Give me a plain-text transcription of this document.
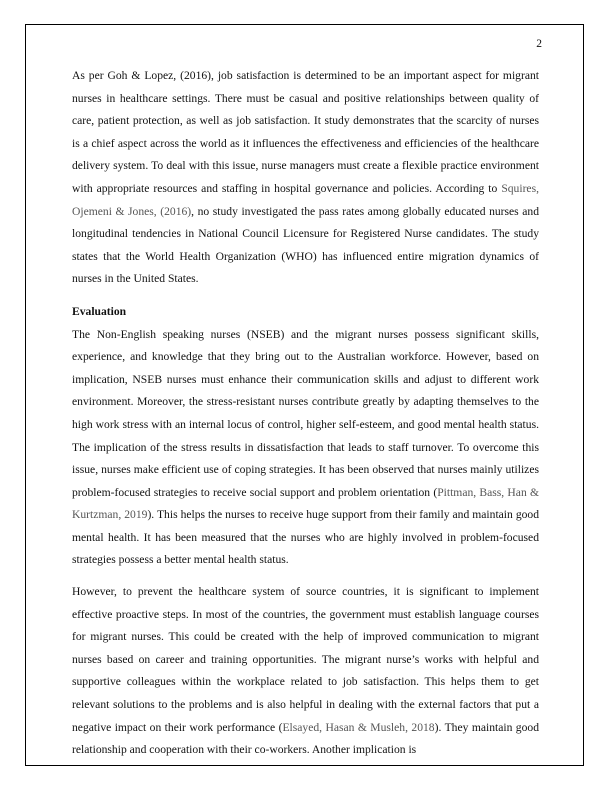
2

As per Goh & Lopez, (2016), job satisfaction is determined to be an important aspect for migrant nurses in healthcare settings. There must be casual and positive relationships between quality of care, patient protection, as well as job satisfaction. It study demonstrates that the scarcity of nurses is a chief aspect across the world as it influences the effectiveness and efficiencies of the healthcare delivery system. To deal with this issue, nurse managers must create a flexible practice environment with appropriate resources and staffing in hospital governance and policies. According to Squires, Ojemeni & Jones, (2016), no study investigated the pass rates among globally educated nurses and longitudinal tendencies in National Council Licensure for Registered Nurse candidates. The study states that the World Health Organization (WHO) has influenced entire migration dynamics of nurses in the United States.

Evaluation

The Non-English speaking nurses (NSEB) and the migrant nurses possess significant skills, experience, and knowledge that they bring out to the Australian workforce. However, based on implication, NSEB nurses must enhance their communication skills and adjust to different work environment. Moreover, the stress-resistant nurses contribute greatly by adapting themselves to the high work stress with an internal locus of control, higher self-esteem, and good mental health status. The implication of the stress results in dissatisfaction that leads to staff turnover. To overcome this issue, nurses make efficient use of coping strategies. It has been observed that nurses mainly utilizes problem-focused strategies to receive social support and problem orientation (Pittman, Bass, Han & Kurtzman, 2019). This helps the nurses to receive huge support from their family and maintain good mental health. It has been measured that the nurses who are highly involved in problem-focused strategies possess a better mental health status.

However, to prevent the healthcare system of source countries, it is significant to implement effective proactive steps. In most of the countries, the government must establish language courses for migrant nurses. This could be created with the help of improved communication to migrant nurses based on career and training opportunities. The migrant nurse’s works with helpful and supportive colleagues within the workplace related to job satisfaction. This helps them to get relevant solutions to the problems and is also helpful in dealing with the external factors that put a negative impact on their work performance (Elsayed, Hasan & Musleh, 2018). They maintain good relationship and cooperation with their co-workers. Another implication is
